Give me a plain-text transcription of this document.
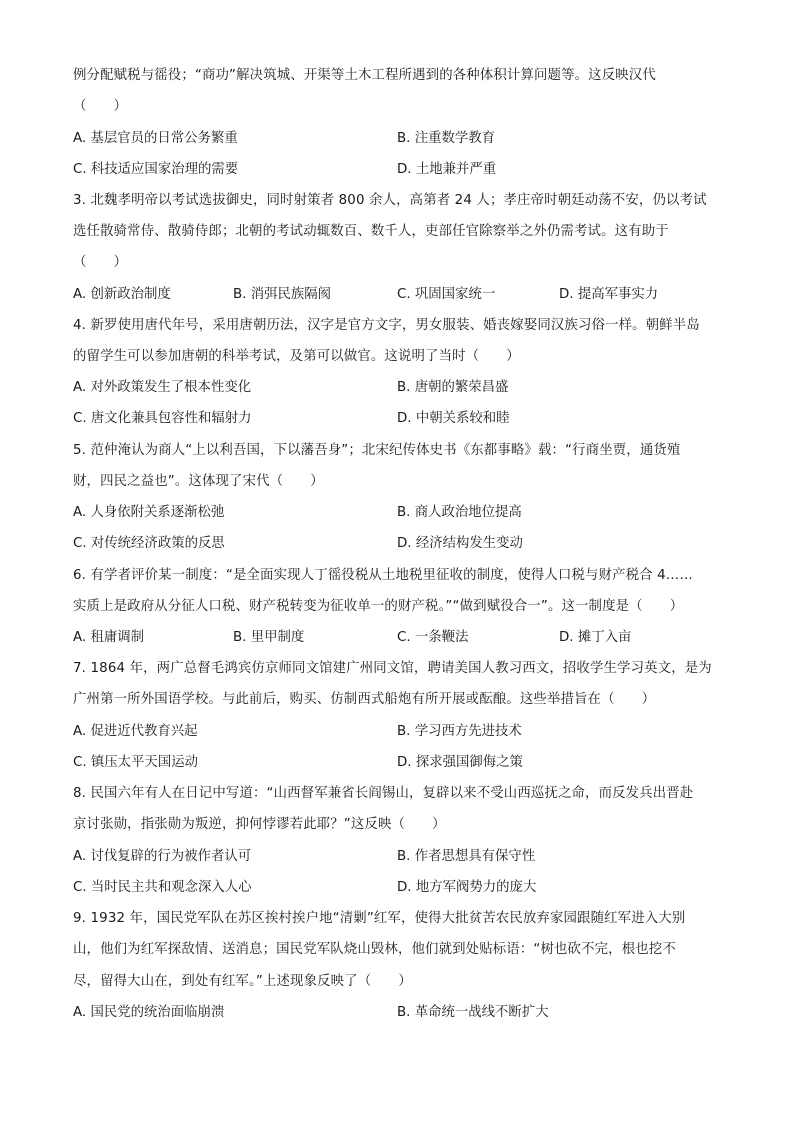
例分配赋税与徭役；“商功”解决筑城、开渠等土木工程所遇到的各种体积计算问题等。这反映汉代
（　　）
A. 基层官员的日常公务繁重	B. 注重数学教育
C. 科技适应国家治理的需要	D. 土地兼并严重
3. 北魏孝明帝以考试选拔御史，同时射策者 800 余人，高第者 24 人；孝庄帝时朝廷动荡不安，仍以考试
选任散骑常侍、散骑侍郎；北朝的考试动辄数百、数千人，吏部任官除察举之外仍需考试。这有助于
（　　）
A. 创新政治制度	B. 消弭民族隔阂	C. 巩固国家统一	D. 提高军事实力
4. 新罗使用唐代年号，采用唐朝历法，汉字是官方文字，男女服装、婚丧嫁娶同汉族习俗一样。朝鲜半岛
的留学生可以参加唐朝的科举考试，及第可以做官。这说明了当时（　　）
A. 对外政策发生了根本性变化	B. 唐朝的繁荣昌盛
C. 唐文化兼具包容性和辐射力	D. 中朝关系较和睦
5. 范仲淹认为商人“上以利吾国，下以藩吾身”；北宋纪传体史书《东都事略》载：“行商坐贾，通货殖
财，四民之益也”。这体现了宋代（　　）
A. 人身依附关系逐渐松弛	B. 商人政治地位提高
C. 对传统经济政策的反思	D. 经济结构发生变动
6. 有学者评价某一制度：“是全面实现人丁徭役税从土地税里征收的制度，使得人口税与财产税合 4……
实质上是政府从分征人口税、财产税转变为征收单一的财产税。”“做到赋役合一”。这一制度是（　　）
A. 租庸调制	B. 里甲制度	C. 一条鞭法	D. 摊丁入亩
7. 1864 年，两广总督毛鸿宾仿京师同文馆建广州同文馆，聘请美国人教习西文，招收学生学习英文，是为
广州第一所外国语学校。与此前后，购买、仿制西式船炮有所开展或酝酿。这些举措旨在（　　）
A. 促进近代教育兴起	B. 学习西方先进技术
C. 镇压太平天国运动	D. 探求强国御侮之策
8. 民国六年有人在日记中写道：“山西督军兼省长阎锡山，复辟以来不受山西巡抚之命，而反发兵出晋赴
京讨张勋，指张勋为叛逆，抑何悖谬若此耶？”这反映（　　）
A. 讨伐复辟的行为被作者认可	B. 作者思想具有保守性
C. 当时民主共和观念深入人心	D. 地方军阀势力的庞大
9. 1932 年，国民党军队在苏区挨村挨户地“清剿”红军，使得大批贫苦农民放弃家园跟随红军进入大别
山，他们为红军探敌情、送消息；国民党军队烧山毁林，他们就到处贴标语：“树也砍不完，根也挖不
尽，留得大山在，到处有红军。”上述现象反映了（　　）
A. 国民党的统治面临崩溃	B. 革命统一战线不断扩大
